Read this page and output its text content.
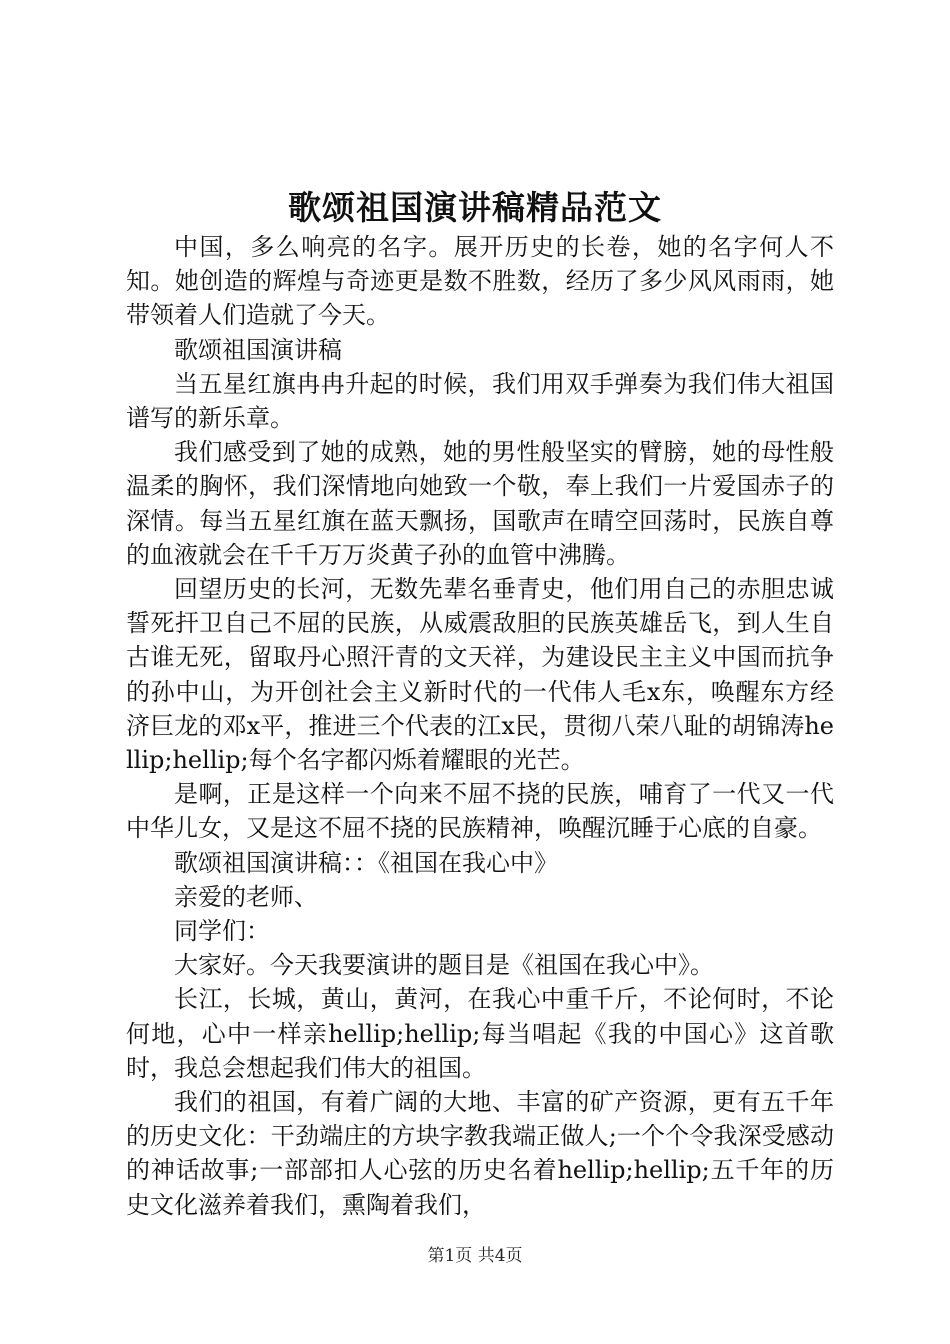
歌颂祖国演讲稿精品范文

中国，多么响亮的名字。展开历史的长卷，她的名字何人不知。她创造的辉煌与奇迹更是数不胜数，经历了多少风风雨雨，她带领着人们造就了今天。

歌颂祖国演讲稿

当五星红旗冉冉升起的时候，我们用双手弹奏为我们伟大祖国谱写的新乐章。

我们感受到了她的成熟，她的男性般坚实的臂膀，她的母性般温柔的胸怀，我们深情地向她致一个敬，奉上我们一片爱国赤子的深情。每当五星红旗在蓝天飘扬，国歌声在晴空回荡时，民族自尊的血液就会在千千万万炎黄子孙的血管中沸腾。

回望历史的长河，无数先辈名垂青史，他们用自己的赤胆忠诚誓死扞卫自己不屈的民族，从威震敌胆的民族英雄岳飞，到人生自古谁无死，留取丹心照汗青的文天祥，为建设民主主义中国而抗争的孙中山，为开创社会主义新时代的一代伟人毛x东，唤醒东方经济巨龙的邓x平，推进三个代表的江x民，贯彻八荣八耻的胡锦涛hellip;hellip;每个名字都闪烁着耀眼的光芒。

是啊，正是这样一个向来不屈不挠的民族，哺育了一代又一代中华儿女，又是这不屈不挠的民族精神，唤醒沉睡于心底的自豪。

歌颂祖国演讲稿：：《祖国在我心中》

亲爱的老师、

同学们：

大家好。今天我要演讲的题目是《祖国在我心中》。

长江，长城，黄山，黄河，在我心中重千斤，不论何时，不论何地，心中一样亲hellip;hellip;每当唱起《我的中国心》这首歌时，我总会想起我们伟大的祖国。

我们的祖国，有着广阔的大地、丰富的矿产资源，更有五千年的历史文化：干劲端庄的方块字教我端正做人;一个个令我深受感动的神话故事;一部部扣人心弦的历史名着hellip;hellip;五千年的历史文化滋养着我们，熏陶着我们，

第1页 共4页
